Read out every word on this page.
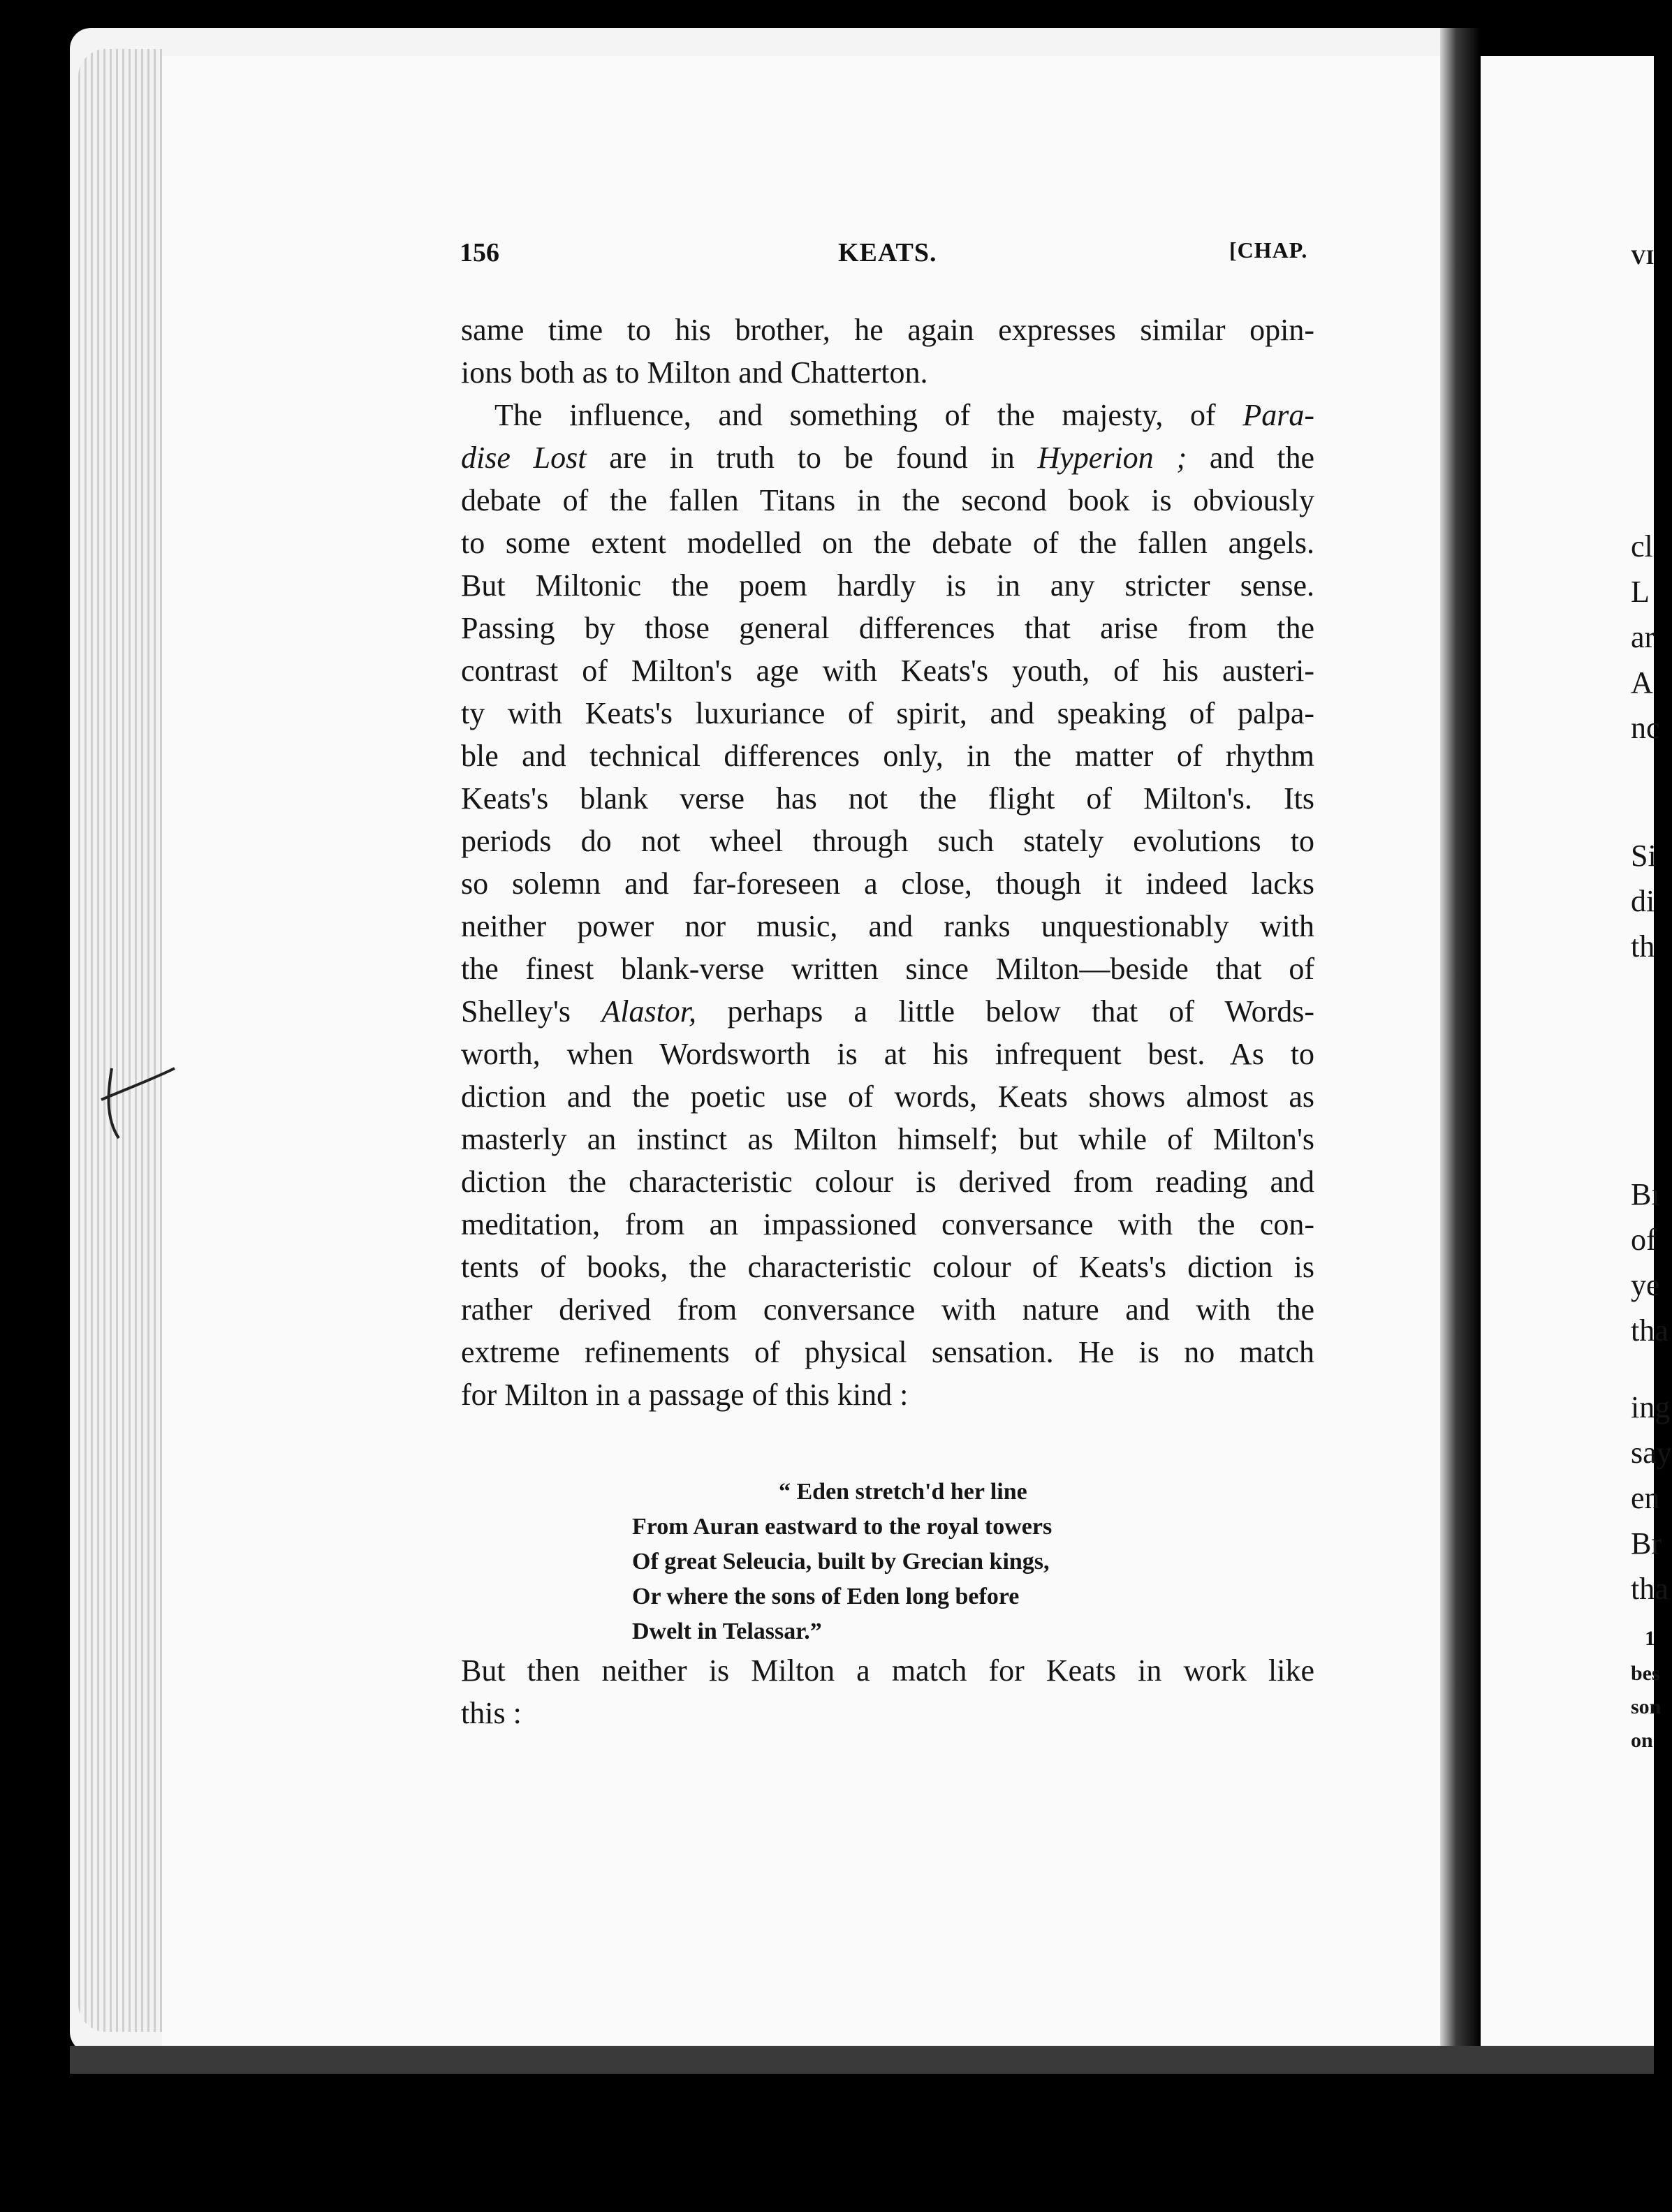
156	KEATS.	[CHAP.
same time to his brother, he again expresses similar opin-
ions both as to Milton and Chatterton.
The influence, and something of the majesty, of Para-
dise Lost are in truth to be found in Hyperion ; and the
debate of the fallen Titans in the second book is obviously
to some extent modelled on the debate of the fallen angels.
But Miltonic the poem hardly is in any stricter sense.
Passing by those general differences that arise from the
contrast of Milton's age with Keats's youth, of his austeri-
ty with Keats's luxuriance of spirit, and speaking of palpa-
ble and technical differences only, in the matter of rhythm
Keats's blank verse has not the flight of Milton's. Its
periods do not wheel through such stately evolutions to
so solemn and far-foreseen a close, though it indeed lacks
neither power nor music, and ranks unquestionably with
the finest blank-verse written since Milton—beside that of
Shelley's Alastor, perhaps a little below that of Words-
worth, when Wordsworth is at his infrequent best. As to
diction and the poetic use of words, Keats shows almost as
masterly an instinct as Milton himself; but while of Milton's
diction the characteristic colour is derived from reading and
meditation, from an impassioned conversance with the con-
tents of books, the characteristic colour of Keats's diction is
rather derived from conversance with nature and with the
extreme refinements of physical sensation. He is no match
for Milton in a passage of this kind :
“ Eden stretch'd her line
From Auran eastward to the royal towers
Of great Seleucia, built by Grecian kings,
Or where the sons of Eden long before
Dwelt in Telassar.”
But then neither is Milton a match for Keats in work like
this :
VI
cl
L
ar
A
nc
Si
di
th
Bı
of
ye
tha
ing
say
en
Br
tha
1
bes
son
on
